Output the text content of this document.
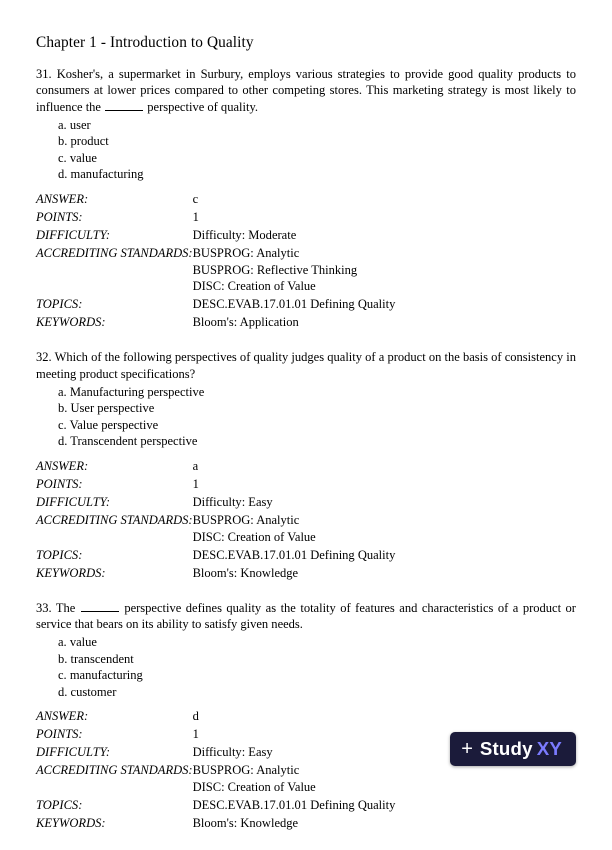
Chapter 1 - Introduction to Quality
31. Kosher's, a supermarket in Surbury, employs various strategies to provide good quality products to consumers at lower prices compared to other competing stores. This marketing strategy is most likely to influence the	perspective of quality.
a. user
b. product
c. value
d. manufacturing
ANSWER:	c

POINTS:	1

DIFFICULTY:	Difficulty: Moderate

ACCREDITING STANDARDS:	BUSPROG: Analytic
BUSPROG: Reflective Thinking
DISC: Creation of Value

TOPICS:	DESC.EVAB.17.01.01 Defining Quality

KEYWORDS:	Bloom's: Application
32. Which of the following perspectives of quality judges quality of a product on the basis of consistency in meeting product specifications?
a. Manufacturing perspective
b. User perspective
c. Value perspective
d. Transcendent perspective
ANSWER:	a

POINTS:	1

DIFFICULTY:	Difficulty: Easy

ACCREDITING STANDARDS:	BUSPROG: Analytic
DISC: Creation of Value

TOPICS:	DESC.EVAB.17.01.01 Defining Quality

KEYWORDS:	Bloom's: Knowledge
33. The	perspective defines quality as the totality of features and characteristics of a product or service that bears on its ability to satisfy given needs.
a. value
b. transcendent
c. manufacturing
d. customer
ANSWER:	d

POINTS:	1

DIFFICULTY:	Difficulty: Easy

ACCREDITING STANDARDS:	BUSPROG: Analytic
DISC: Creation of Value

TOPICS:	DESC.EVAB.17.01.01 Defining Quality

KEYWORDS:	Bloom's: Knowledge
+ Study XY
